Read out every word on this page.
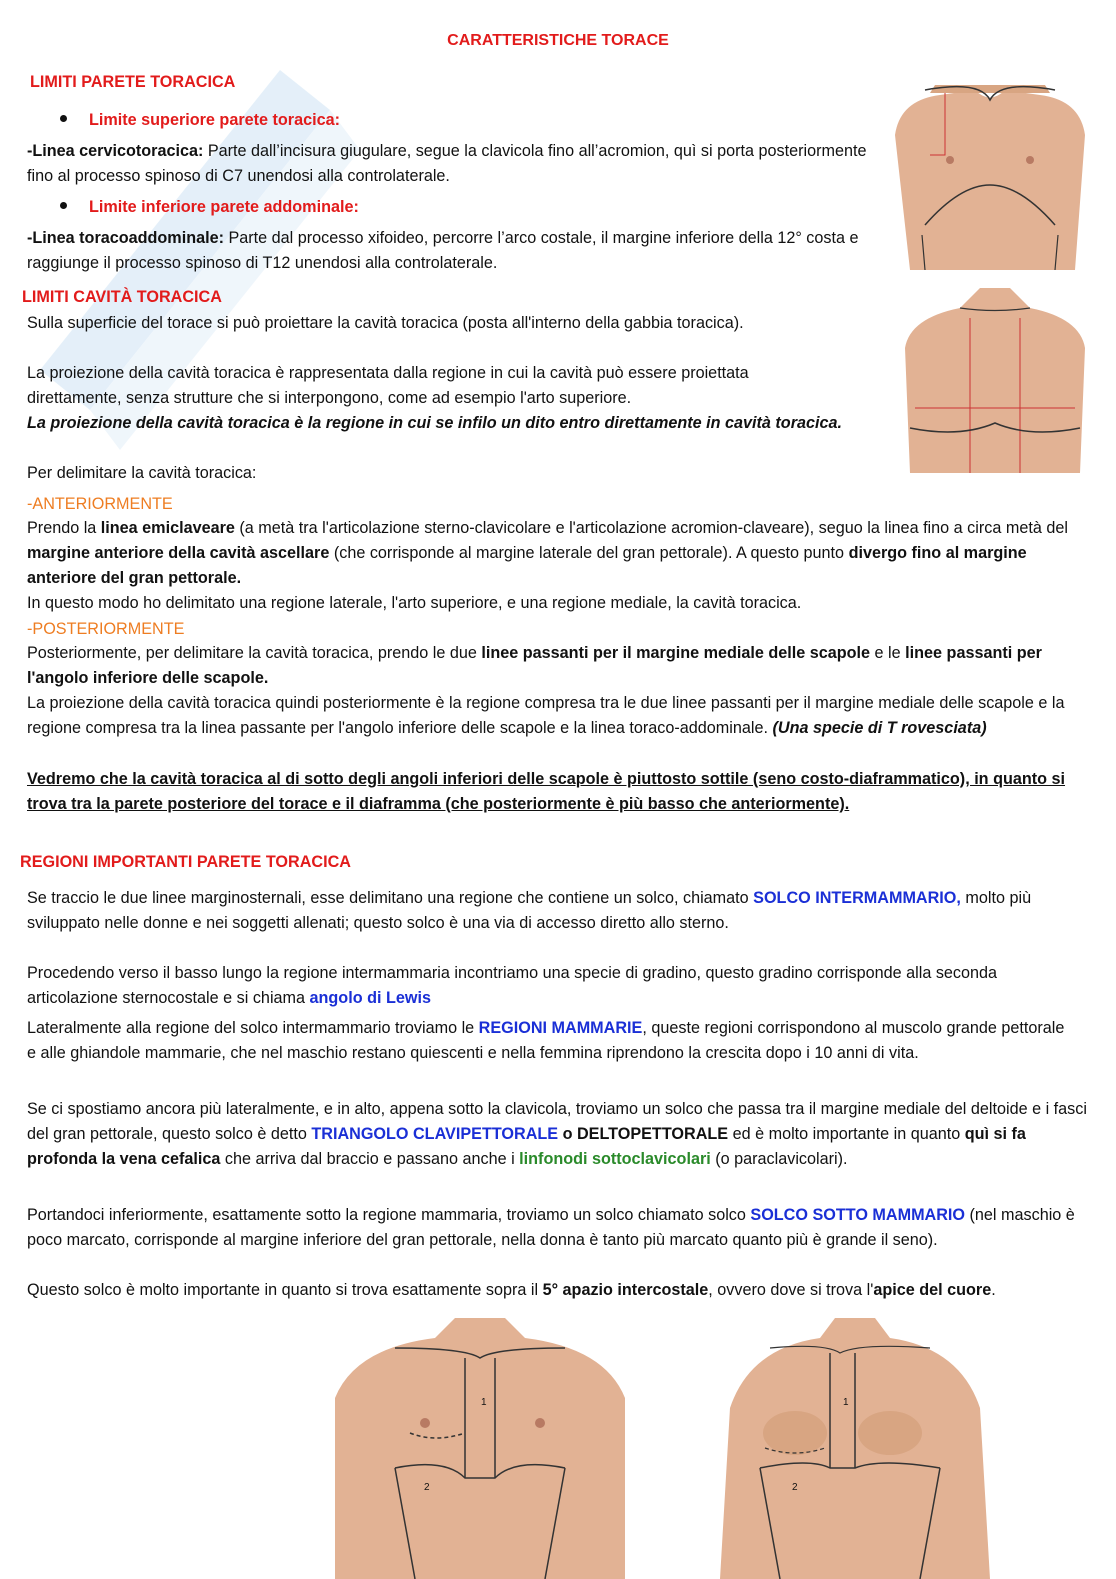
CARATTERISTICHE TORACE
LIMITI PARETE TORACICA
Limite superiore parete toracica:

-Linea cervicotoracica: Parte dall’incisura giugulare, segue la clavicola fino all’acromion, quì si porta posteriormente fino al processo spinoso di C7 unendosi alla controlaterale.

Limite inferiore parete addominale:

-Linea toracoaddominale: Parte dal processo xifoideo, percorre l’arco costale, il margine inferiore della 12° costa e raggiunge il processo spinoso di T12 unendosi alla controlaterale.

LIMITI CAVITÀ TORACICA

Sulla superficie del torace si può proiettare la cavità toracica (posta all'interno della gabbia toracica).

La proiezione della cavità toracica è rappresentata dalla regione in cui la cavità può essere proiettata direttamente, senza strutture che si interpongono, come ad esempio l'arto superiore.

La proiezione della cavità toracica è la regione in cui se infilo un dito entro direttamente in cavità toracica.

Per delimitare la cavità toracica:

-ANTERIORMENTE

Prendo la linea emiclaveare (a metà tra l'articolazione sterno-clavicolare e l'articolazione acromion-claveare), seguo la linea fino a circa metà del margine anteriore della cavità ascellare (che corrisponde al margine laterale del gran pettorale). A questo punto divergo fino al margine anteriore del gran pettorale.

In questo modo ho delimitato una regione laterale, l'arto superiore, e una regione mediale, la cavità toracica.

-POSTERIORMENTE

Posteriormente, per delimitare la cavità toracica, prendo le due linee passanti per il margine mediale delle scapole e le linee passanti per l'angolo inferiore delle scapole.

La proiezione della cavità toracica quindi posteriormente è la regione compresa tra le due linee passanti per il margine mediale delle scapole e la regione compresa tra la linea passante per l'angolo inferiore delle scapole e la linea toraco-addominale. (Una specie di T rovesciata)

Vedremo che la cavità toracica al di sotto degli angoli inferiori delle scapole è piuttosto sottile (seno costo-diaframmatico), in quanto si trova tra la parete posteriore del torace e il diaframma (che posteriormente è più basso che anteriormente).

REGIONI IMPORTANTI PARETE TORACICA

Se traccio le due linee marginosternali, esse delimitano una regione che contiene un solco, chiamato SOLCO INTERMAMMARIO, molto più sviluppato nelle donne e nei soggetti allenati; questo solco è una via di accesso diretto allo sterno.

Procedendo verso il basso lungo la regione intermammaria incontriamo una specie di gradino, questo gradino corrisponde alla seconda articolazione sternocostale e si chiama angolo di Lewis

Lateralmente alla regione del solco intermammario troviamo le REGIONI MAMMARIE, queste regioni corrispondono al muscolo grande pettorale e alle ghiandole mammarie, che nel maschio restano quiescenti e nella femmina riprendono la crescita dopo i 10 anni di vita.

Se ci spostiamo ancora più lateralmente, e in alto, appena sotto la clavicola, troviamo un solco che passa tra il margine mediale del deltoide e i fasci del gran pettorale, questo solco è detto TRIANGOLO CLAVIPETTORALE o DELTOPETTORALE ed è molto importante in quanto quì si fa profonda la vena cefalica che arriva dal braccio e passano anche i linfonodi sottoclavicolari (o paraclavicolari).

Portandoci inferiormente, esattamente sotto la regione mammaria, troviamo un solco chiamato solco SOLCO SOTTO MAMMARIO (nel maschio è poco marcato, corrisponde al margine inferiore del gran pettorale, nella donna è tanto più marcato quanto più è grande il seno).

Questo solco è molto importante in quanto si trova esattamente sopra il 5° apazio intercostale, ovvero dove si trova l'apice del cuore.

1
2
1
2
